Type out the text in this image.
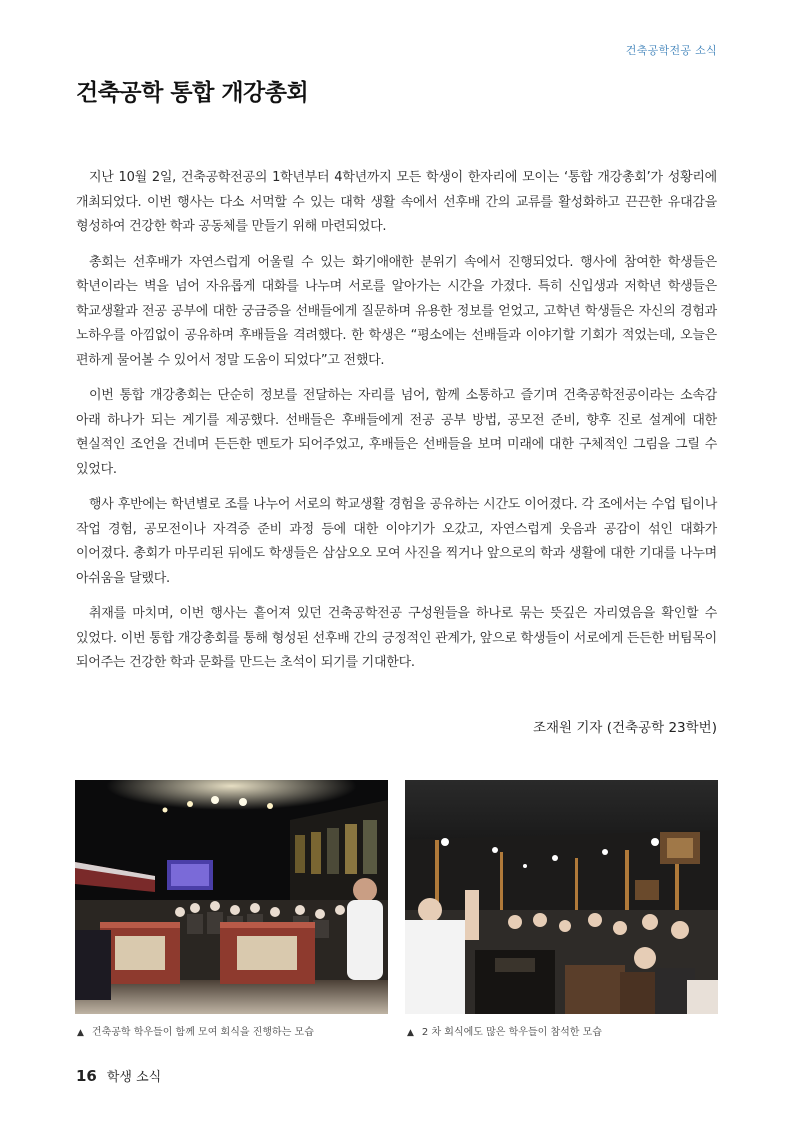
건축공학전공 소식
건축공학 통합 개강총회

지난 10월 2일, 건축공학전공의 1학년부터 4학년까지 모든 학생이 한자리에 모이는 ‘통합 개강총회’가 성황리에 개최되었다. 이번 행사는 다소 서먹할 수 있는 대학 생활 속에서 선후배 간의 교류를 활성화하고 끈끈한 유대감을 형성하여 건강한 학과 공동체를 만들기 위해 마련되었다.

총회는 선후배가 자연스럽게 어울릴 수 있는 화기애애한 분위기 속에서 진행되었다. 행사에 참여한 학생들은 학년이라는 벽을 넘어 자유롭게 대화를 나누며 서로를 알아가는 시간을 가졌다. 특히 신입생과 저학년 학생들은 학교생활과 전공 공부에 대한 궁금증을 선배들에게 질문하며 유용한 정보를 얻었고, 고학년 학생들은 자신의 경험과 노하우를 아낌없이 공유하며 후배들을 격려했다. 한 학생은 “평소에는 선배들과 이야기할 기회가 적었는데, 오늘은 편하게 물어볼 수 있어서 정말 도움이 되었다”고 전했다.

이번 통합 개강총회는 단순히 정보를 전달하는 자리를 넘어, 함께 소통하고 즐기며 건축공학전공이라는 소속감 아래 하나가 되는 계기를 제공했다. 선배들은 후배들에게 전공 공부 방법, 공모전 준비, 향후 진로 설계에 대한 현실적인 조언을 건네며 든든한 멘토가 되어주었고, 후배들은 선배들을 보며 미래에 대한 구체적인 그림을 그릴 수 있었다.

행사 후반에는 학년별로 조를 나누어 서로의 학교생활 경험을 공유하는 시간도 이어졌다. 각 조에서는 수업 팁이나 작업 경험, 공모전이나 자격증 준비 과정 등에 대한 이야기가 오갔고, 자연스럽게 웃음과 공감이 섞인 대화가 이어졌다. 총회가 마무리된 뒤에도 학생들은 삼삼오오 모여 사진을 찍거나 앞으로의 학과 생활에 대한 기대를 나누며 아쉬움을 달랬다.

취재를 마치며, 이번 행사는 흩어져 있던 건축공학전공 구성원들을 하나로 묶는 뜻깊은 자리였음을 확인할 수 있었다. 이번 통합 개강총회를 통해 형성된 선후배 간의 긍정적인 관계가, 앞으로 학생들이 서로에게 든든한 버팀목이 되어주는 건강한 학과 문화를 만드는 초석이 되기를 기대한다.

조재원 기자 (건축공학 23학번)
▲ 건축공학 학우들이 함께 모여 회식을 진행하는 모습	▲ 2 차 회식에도 많은 학우들이 참석한 모습
16 학생 소식
